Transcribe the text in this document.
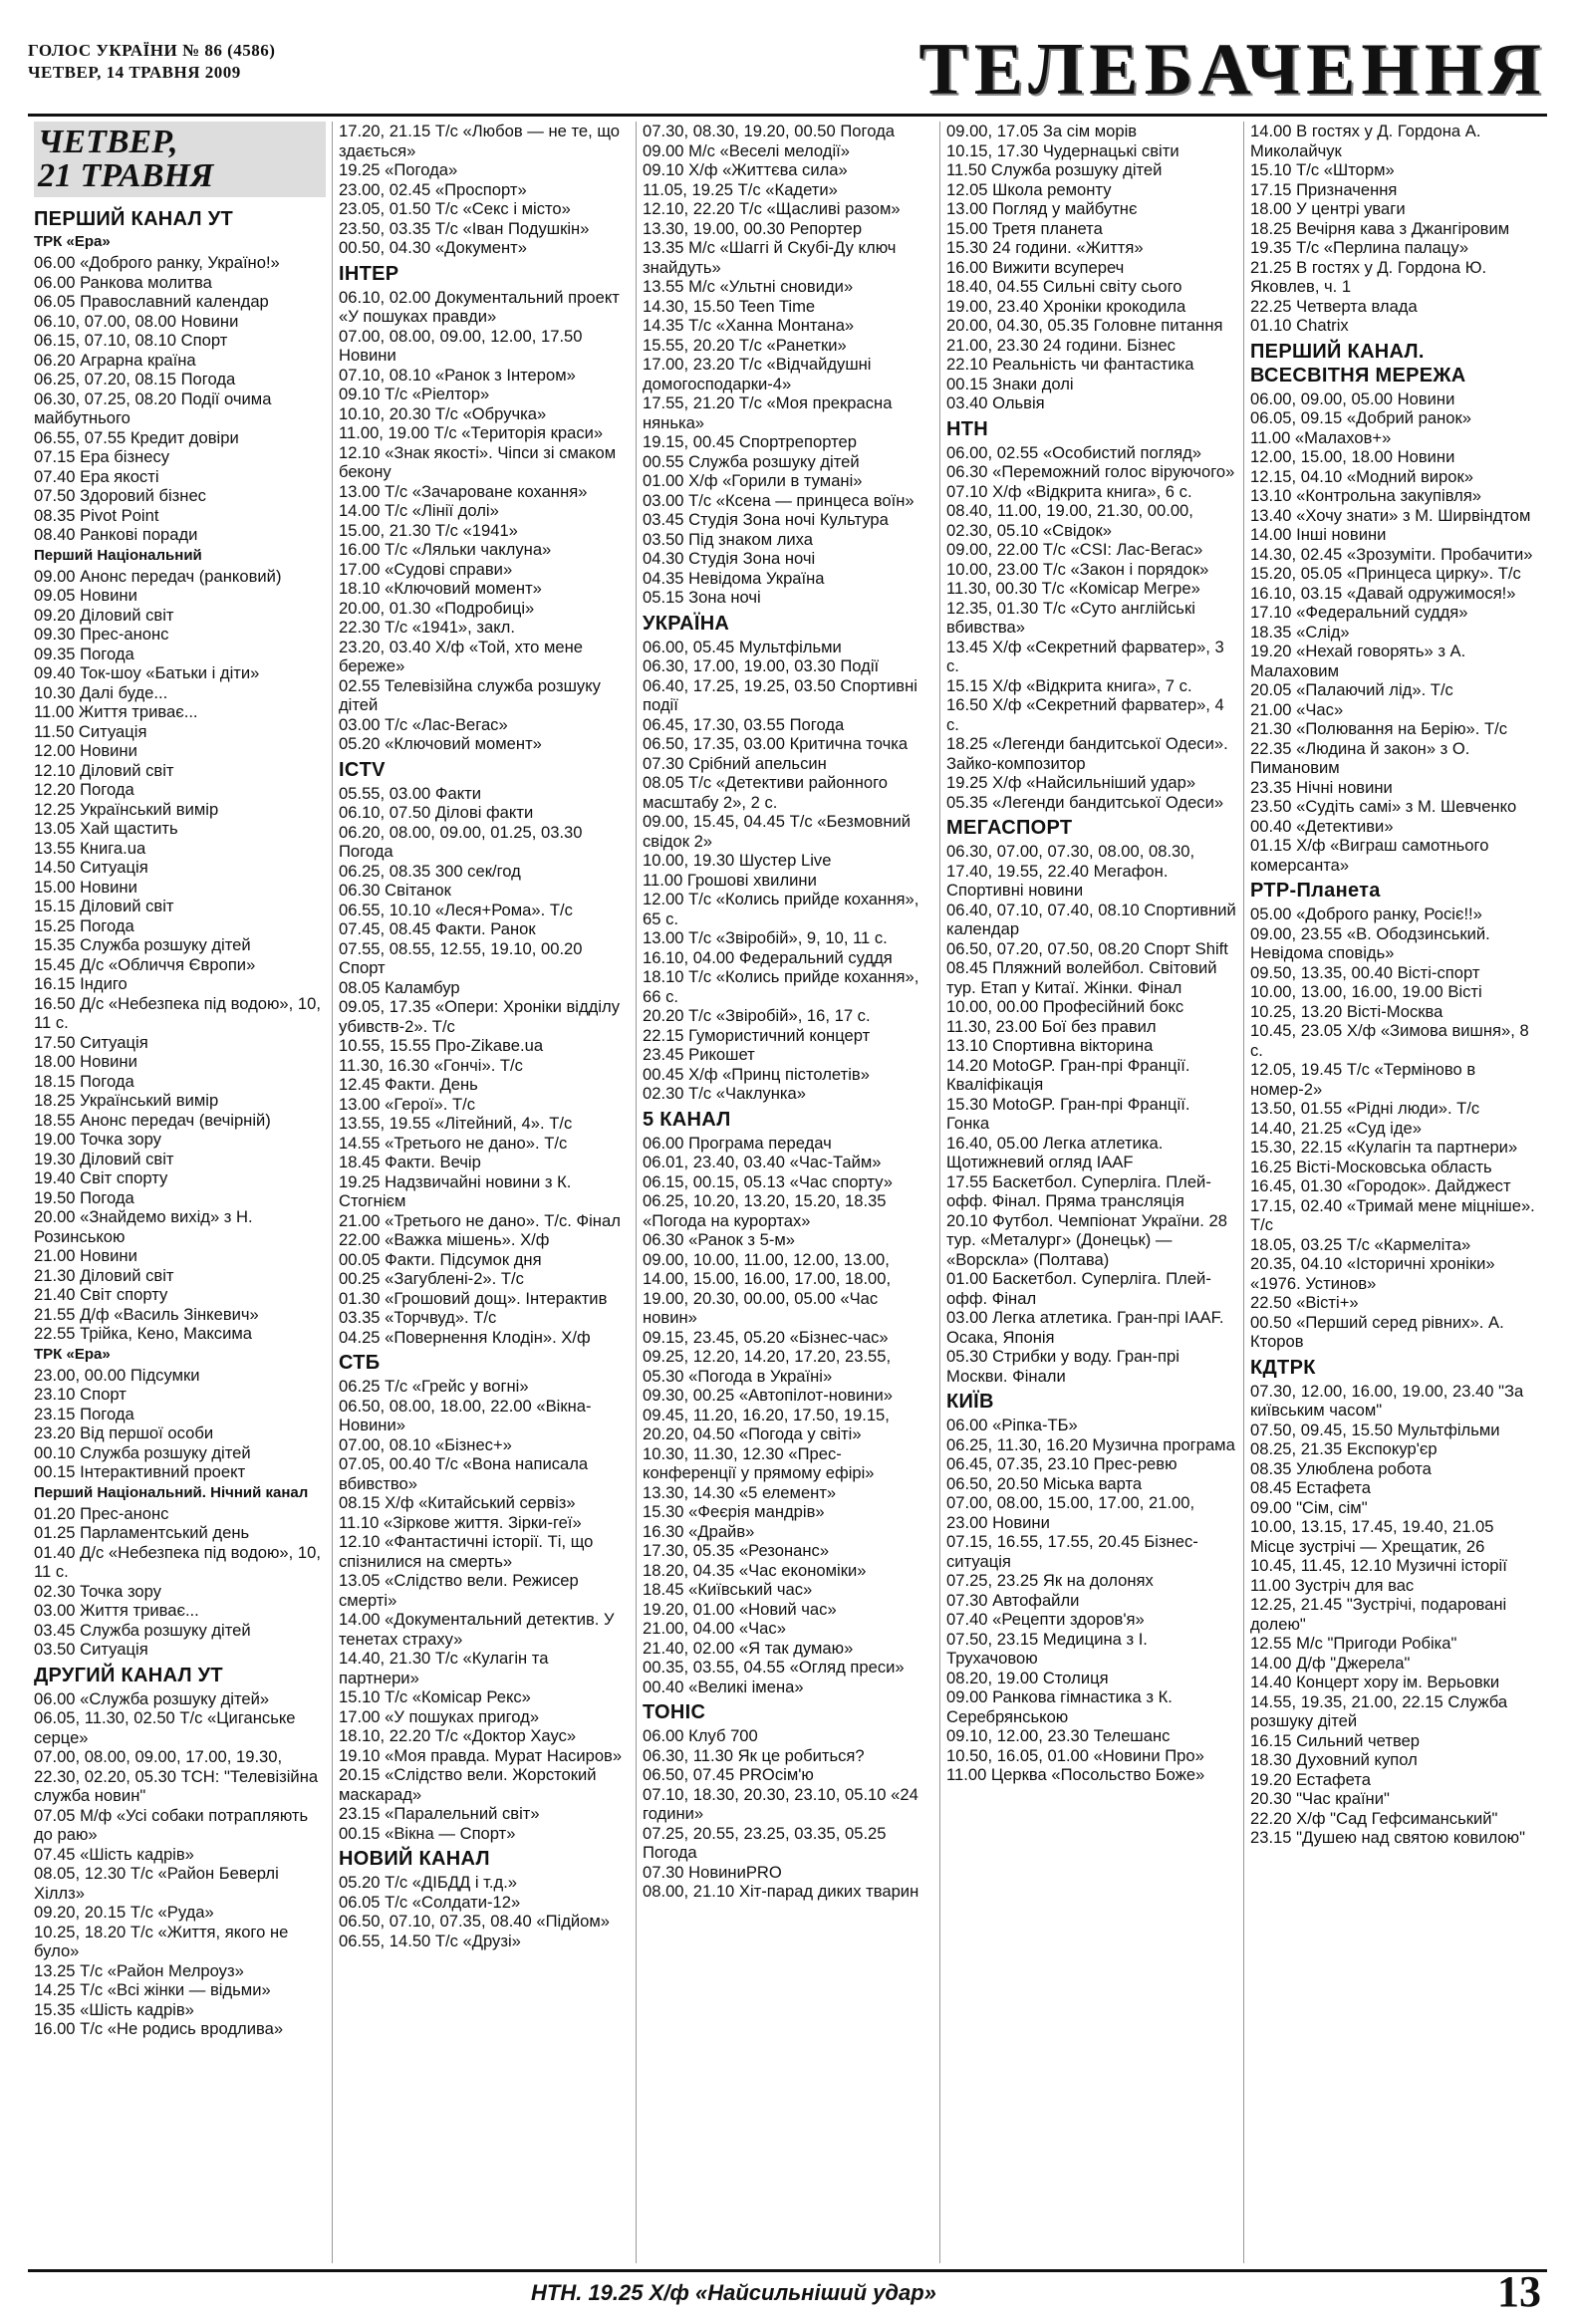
ГОЛОС УКРАЇНИ № 86 (4586)
ЧЕТВЕР, 14 ТРАВНЯ 2009	ТЕЛЕБАЧЕННЯ
ЧЕТВЕР,
21 ТРАВНЯ
ПЕРШИЙ КАНАЛ УТ
ТРК «Ера»
06.00 «Доброго ранку, Україно!»
06.00 Ранкова молитва
06.05 Православний календар
06.10, 07.00, 08.00 Новини
06.15, 07.10, 08.10 Спорт
06.20 Аграрна країна
06.25, 07.20, 08.15 Погода
06.30, 07.25, 08.20 Події очима майбутнього
06.55, 07.55 Кредит довіри
07.15 Ера бізнесу
07.40 Ера якості
07.50 Здоровий бізнес
08.35 Pivot Point
08.40 Ранкові поради
Перший Національний
09.00 Анонс передач (ранковий)
09.05 Новини
09.20 Діловий світ
09.30 Прес-анонс
09.35 Погода
09.40 Ток-шоу «Батьки і діти»
10.30 Далі буде...
11.00 Життя триває...
11.50 Ситуація
12.00 Новини
12.10 Діловий світ
12.20 Погода
12.25 Український вимір
13.05 Хай щастить
13.55 Книга.ua
14.50 Ситуація
15.00 Новини
15.15 Діловий світ
15.25 Погода
15.35 Служба розшуку дітей
15.45 Д/с «Обличчя Європи»
16.15 Індиго
16.50 Д/с «Небезпека під водою», 10, 11 с.
17.50 Ситуація
18.00 Новини
18.15 Погода
18.25 Український вимір
18.55 Анонс передач (вечірній)
19.00 Точка зору
19.30 Діловий світ
19.40 Світ спорту
19.50 Погода
20.00 «Знайдемо вихід» з Н. Розинською
21.00 Новини
21.30 Діловий світ
21.40 Світ спорту
21.55 Д/ф «Василь Зінкевич»
22.55 Трійка, Кено, Максима
ТРК «Ера»
23.00, 00.00 Підсумки
23.10 Спорт
23.15 Погода
23.20 Від першої особи
00.10 Служба розшуку дітей
00.15 Інтерактивний проект
Перший Національний. Нічний канал
01.20 Прес-анонс
01.25 Парламентський день
01.40 Д/с «Небезпека під водою», 10, 11 с.
02.30 Точка зору
03.00 Життя триває...
03.45 Служба розшуку дітей
03.50 Ситуація
ДРУГИЙ КАНАЛ УТ
06.00 «Служба розшуку дітей»
06.05, 11.30, 02.50 Т/с «Циганське серце»
07.00, 08.00, 09.00, 17.00, 19.30, 22.30, 02.20, 05.30 ТСН: "Телевізійна служба новин"
07.05 М/ф «Усі собаки потрапляють до раю»
07.45 «Шість кадрів»
08.05, 12.30 Т/с «Район Беверлі Хіллз»
09.20, 20.15 Т/с «Руда»
10.25, 18.20 Т/с «Життя, якого не було»
13.25 Т/с «Район Мелроуз»
14.25 Т/с «Всі жінки — відьми»
15.35 «Шість кадрів»
16.00 Т/с «Не родись вродлива»
17.20, 21.15 Т/с «Любов — не те, що здається»
19.25 «Погода»
23.00, 02.45 «Проспорт»
23.05, 01.50 Т/с «Секс і місто»
23.50, 03.35 Т/с «Іван Подушкін»
00.50, 04.30 «Документ»
ІНТЕР
06.10, 02.00 Документальний проект «У пошуках правди»
07.00, 08.00, 09.00, 12.00, 17.50 Новини
07.10, 08.10 «Ранок з Інтером»
09.10 Т/с «Ріелтор»
10.10, 20.30 Т/с «Обручка»
11.00, 19.00 Т/с «Територія краси»
12.10 «Знак якості». Чіпси зі смаком бекону
13.00 Т/с «Зачароване кохання»
14.00 Т/с «Лінії долі»
15.00, 21.30 Т/с «1941»
16.00 Т/с «Ляльки чаклуна»
17.00 «Судові справи»
18.10 «Ключовий момент»
20.00, 01.30 «Подробиці»
22.30 Т/с «1941», закл.
23.20, 03.40 Х/ф «Той, хто мене береже»
02.55 Телевізійна служба розшуку дітей
03.00 Т/с «Лас-Вегас»
05.20 «Ключовий момент»
ICTV
05.55, 03.00 Факти
06.10, 07.50 Ділові факти
06.20, 08.00, 09.00, 01.25, 03.30 Погода
06.25, 08.35 300 сек/год
06.30 Світанок
06.55, 10.10 «Леся+Рома». Т/с
07.45, 08.45 Факти. Ранок
07.55, 08.55, 12.55, 19.10, 00.20 Спорт
08.05 Каламбур
09.05, 17.35 «Опери: Хроніки відділу убивств-2». Т/с
10.55, 15.55 Про-Zikaве.ua
11.30, 16.30 «Гончі». Т/с
12.45 Факти. День
13.00 «Герої». Т/с
13.55, 19.55 «Літейний, 4». Т/с
14.55 «Третього не дано». Т/с
18.45 Факти. Вечір
19.25 Надзвичайні новини з К. Стогнієм
21.00 «Третього не дано». Т/с. Фінал
22.00 «Важка мішень». Х/ф
00.05 Факти. Підсумок дня
00.25 «Загублені-2». Т/с
01.30 «Грошовий дощ». Інтерактив
03.35 «Торчвуд». Т/с
04.25 «Повернення Клодін». Х/ф
СТБ
06.25 Т/с «Грейс у вогні»
06.50, 08.00, 18.00, 22.00 «Вікна-Новини»
07.00, 08.10 «Бізнес+»
07.05, 00.40 Т/с «Вона написала вбивство»
08.15 Х/ф «Китайський сервіз»
11.10 «Зіркове життя. Зірки-геї»
12.10 «Фантастичні історії. Ті, що спізнилися на смерть»
13.05 «Слідство вели. Режисер смерті»
14.00 «Документальний детектив. У тенетах страху»
14.40, 21.30 Т/с «Кулагін та партнери»
15.10 Т/с «Комісар Рекс»
17.00 «У пошуках пригод»
18.10, 22.20 Т/с «Доктор Хаус»
19.10 «Моя правда. Мурат Насиров»
20.15 «Слідство вели. Жорстокий маскарад»
23.15 «Паралельний світ»
00.15 «Вікна — Спорт»
НОВИЙ КАНАЛ
05.20 Т/с «ДІБДД і т.д.»
06.05 Т/с «Солдати-12»
06.50, 07.10, 07.35, 08.40 «Підйом»
06.55, 14.50 Т/с «Друзі»
07.30, 08.30, 19.20, 00.50 Погода
09.00 М/с «Веселі мелодії»
09.10 Х/ф «Життєва сила»
11.05, 19.25 Т/с «Кадети»
12.10, 22.20 Т/с «Щасливі разом»
13.30, 19.00, 00.30 Репортер
13.35 М/с «Шаггі й Скубі-Ду ключ знайдуть»
13.55 М/с «Ультні сновиди»
14.30, 15.50 Teen Time
14.35 Т/с «Ханна Монтана»
15.55, 20.20 Т/с «Ранетки»
17.00, 23.20 Т/с «Відчайдушні домогосподарки-4»
17.55, 21.20 Т/с «Моя прекрасна нянька»
19.15, 00.45 Спортрепортер
00.55 Служба розшуку дітей
01.00 Х/ф «Горили в тумані»
03.00 Т/с «Ксена — принцеса воїн»
03.45 Студія Зона ночі Культура
03.50 Під знаком лиха
04.30 Студія Зона ночі
04.35 Невідома Україна
05.15 Зона ночі
УКРАЇНА
06.00, 05.45 Мультфільми
06.30, 17.00, 19.00, 03.30 Події
06.40, 17.25, 19.25, 03.50 Спортивні події
06.45, 17.30, 03.55 Погода
06.50, 17.35, 03.00 Критична точка
07.30 Срібний апельсин
08.05 Т/с «Детективи районного масштабу 2», 2 с.
09.00, 15.45, 04.45 Т/с «Безмовний свідок 2»
10.00, 19.30 Шустер Live
11.00 Грошові хвилини
12.00 Т/с «Колись прийде кохання», 65 с.
13.00 Т/с «Звіробій», 9, 10, 11 с.
16.10, 04.00 Федеральний суддя
18.10 Т/с «Колись прийде кохання», 66 с.
20.20 Т/с «Звіробій», 16, 17 с.
22.15 Гумористичний концерт
23.45 Рикошет
00.45 Х/ф «Принц пістолетів»
02.30 Т/с «Чаклунка»
5 КАНАЛ
06.00 Програма передач
06.01, 23.40, 03.40 «Час-Тайм»
06.15, 00.15, 05.13 «Час спорту»
06.25, 10.20, 13.20, 15.20, 18.35 «Погода на курортах»
06.30 «Ранок з 5-м»
09.00, 10.00, 11.00, 12.00, 13.00, 14.00, 15.00, 16.00, 17.00, 18.00, 19.00, 20.30, 00.00, 05.00 «Час новин»
09.15, 23.45, 05.20 «Бізнес-час»
09.25, 12.20, 14.20, 17.20, 23.55, 05.30 «Погода в Україні»
09.30, 00.25 «Автопілот-новини»
09.45, 11.20, 16.20, 17.50, 19.15, 20.20, 04.50 «Погода у світі»
10.30, 11.30, 12.30 «Прес-конференції у прямому ефірі»
13.30, 14.30 «5 елемент»
15.30 «Феєрія мандрів»
16.30 «Драйв»
17.30, 05.35 «Резонанс»
18.20, 04.35 «Час економіки»
18.45 «Київський час»
19.20, 01.00 «Новий час»
21.00, 04.00 «Час»
21.40, 02.00 «Я так думаю»
00.35, 03.55, 04.55 «Огляд преси»
00.40 «Великі імена»
ТОНІС
06.00 Клуб 700
06.30, 11.30 Як це робиться?
06.50, 07.45 PROсім'ю
07.10, 18.30, 20.30, 23.10, 05.10 «24 години»
07.25, 20.55, 23.25, 03.35, 05.25 Погода
07.30 НовиниPRO
08.00, 21.10 Хіт-парад диких тварин
09.00, 17.05 За сім морів
10.15, 17.30 Чудернацькі світи
11.50 Служба розшуку дітей
12.05 Школа ремонту
13.00 Погляд у майбутнє
15.00 Третя планета
15.30 24 години. «Життя»
16.00 Вижити всупереч
18.40, 04.55 Сильні світу сього
19.00, 23.40 Хроніки крокодила
20.00, 04.30, 05.35 Головне питання
21.00, 23.30 24 години. Бізнес
22.10 Реальність чи фантастика
00.15 Знаки долі
03.40 Ольвія
НТН
06.00, 02.55 «Особистий погляд»
06.30 «Переможний голос віруючого»
07.10 Х/ф «Відкрита книга», 6 с.
08.40, 11.00, 19.00, 21.30, 00.00, 02.30, 05.10 «Свідок»
09.00, 22.00 Т/с «CSI: Лас-Вегас»
10.00, 23.00 Т/с «Закон і порядок»
11.30, 00.30 Т/с «Комісар Мегре»
12.35, 01.30 Т/с «Суто англійські вбивства»
13.45 Х/ф «Секретний фарватер», 3 с.
15.15 Х/ф «Відкрита книга», 7 с.
16.50 Х/ф «Секретний фарватер», 4 с.
18.25 «Легенди бандитської Одеси». Зайко-композитор
19.25 Х/ф «Найсильніший удар»
05.35 «Легенди бандитської Одеси»
МЕГАСПОРТ
06.30, 07.00, 07.30, 08.00, 08.30, 17.40, 19.55, 22.40 Мегафон. Спортивні новини
06.40, 07.10, 07.40, 08.10 Спортивний календар
06.50, 07.20, 07.50, 08.20 Спорт Shift
08.45 Пляжний волейбол. Світовий тур. Етап у Китаї. Жінки. Фінал
10.00, 00.00 Професійний бокс
11.30, 23.00 Бої без правил
13.10 Спортивна вікторина
14.20 MotoGP. Гран-прі Франції. Кваліфікація
15.30 MotoGP. Гран-прі Франції. Гонка
16.40, 05.00 Легка атлетика. Щотижневий огляд IAAF
17.55 Баскетбол. Суперліга. Плей-офф. Фінал. Пряма трансляція
20.10 Футбол. Чемпіонат України. 28 тур. «Металург» (Донецьк) — «Ворскла» (Полтава)
01.00 Баскетбол. Суперліга. Плей-офф. Фінал
03.00 Легка атлетика. Гран-прі IAAF. Осака, Японія
05.30 Стрибки у воду. Гран-прі Москви. Фінали
КИЇВ
06.00 «Ріпка-ТБ»
06.25, 11.30, 16.20 Музична програма
06.45, 07.35, 23.10 Прес-ревю
06.50, 20.50 Міська варта
07.00, 08.00, 15.00, 17.00, 21.00, 23.00 Новини
07.15, 16.55, 17.55, 20.45 Бізнес-ситуація
07.25, 23.25 Як на долонях
07.30 Автофайли
07.40 «Рецепти здоров'я»
07.50, 23.15 Медицина з І. Трухачовою
08.20, 19.00 Столиця
09.00 Ранкова гімнастика з К. Серебрянською
09.10, 12.00, 23.30 Телешанс
10.50, 16.05, 01.00 «Новини Про»
11.00 Церква «Посольство Боже»
14.00 В гостях у Д. Гордона А. Миколайчук
15.10 Т/с «Шторм»
17.15 Призначення
18.00 У центрі уваги
18.25 Вечірня кава з Джангіровим
19.35 Т/с «Перлина палацу»
21.25 В гостях у Д. Гордона Ю. Яковлев, ч. 1
22.25 Четверта влада
01.10 Chatrix
ПЕРШИЙ КАНАЛ. ВСЕСВІТНЯ МЕРЕЖА
06.00, 09.00, 05.00 Новини
06.05, 09.15 «Добрий ранок»
11.00 «Малахов+»
12.00, 15.00, 18.00 Новини
12.15, 04.10 «Модний вирок»
13.10 «Контрольна закупівля»
13.40 «Хочу знати» з М. Ширвіндтом
14.00 Інші новини
14.30, 02.45 «Зрозуміти. Пробачити»
15.20, 05.05 «Принцеса цирку». Т/с
16.10, 03.15 «Давай одружимося!»
17.10 «Федеральний суддя»
18.35 «Слід»
19.20 «Нехай говорять» з А. Малаховим
20.05 «Палаючий лід». Т/с
21.00 «Час»
21.30 «Полювання на Берію». Т/с
22.35 «Людина й закон» з О. Пимановим
23.35 Нічні новини
23.50 «Судіть самі» з М. Шевченко
00.40 «Детективи»
01.15 Х/ф «Виграш самотнього комерсанта»
РТР-Планета
05.00 «Доброго ранку, Росіє!!»
09.00, 23.55 «В. Ободзинський. Невідома сповідь»
09.50, 13.35, 00.40 Вісті-спорт
10.00, 13.00, 16.00, 19.00 Вісті
10.25, 13.20 Вісті-Москва
10.45, 23.05 Х/ф «Зимова вишня», 8 с.
12.05, 19.45 Т/с «Терміново в номер-2»
13.50, 01.55 «Рідні люди». Т/с
14.40, 21.25 «Суд іде»
15.30, 22.15 «Кулагін та партнери»
16.25 Вісті-Московська область
16.45, 01.30 «Городок». Дайджест
17.15, 02.40 «Тримай мене міцніше». Т/с
18.05, 03.25 Т/с «Кармеліта»
20.35, 04.10 «Історичні хроніки» «1976. Устинов»
22.50 «Вісті+»
00.50 «Перший серед рівних». А. Кторов
КДТРК
07.30, 12.00, 16.00, 19.00, 23.40 "За київським часом"
07.50, 09.45, 15.50 Мультфільми
08.25, 21.35 Експокур'єр
08.35 Улюблена робота
08.45 Естафета
09.00 "Сім, сім"
10.00, 13.15, 17.45, 19.40, 21.05 Місце зустрічі — Хрещатик, 26
10.45, 11.45, 12.10 Музичні історії
11.00 Зустріч для вас
12.25, 21.45 "Зустрічі, подаровані долею"
12.55 М/с "Пригоди Робіка"
14.00 Д/ф "Джерела"
14.40 Концерт хору ім. Верьовки
14.55, 19.35, 21.00, 22.15 Служба розшуку дітей
16.15 Сильний четвер
18.30 Духовний купол
19.20 Естафета
20.30 "Час країни"
22.20 Х/ф "Сад Гефсиманський"
23.15 "Душею над святою ковилою"
НТН. 19.25 Х/ф «Найсильніший удар»	13
